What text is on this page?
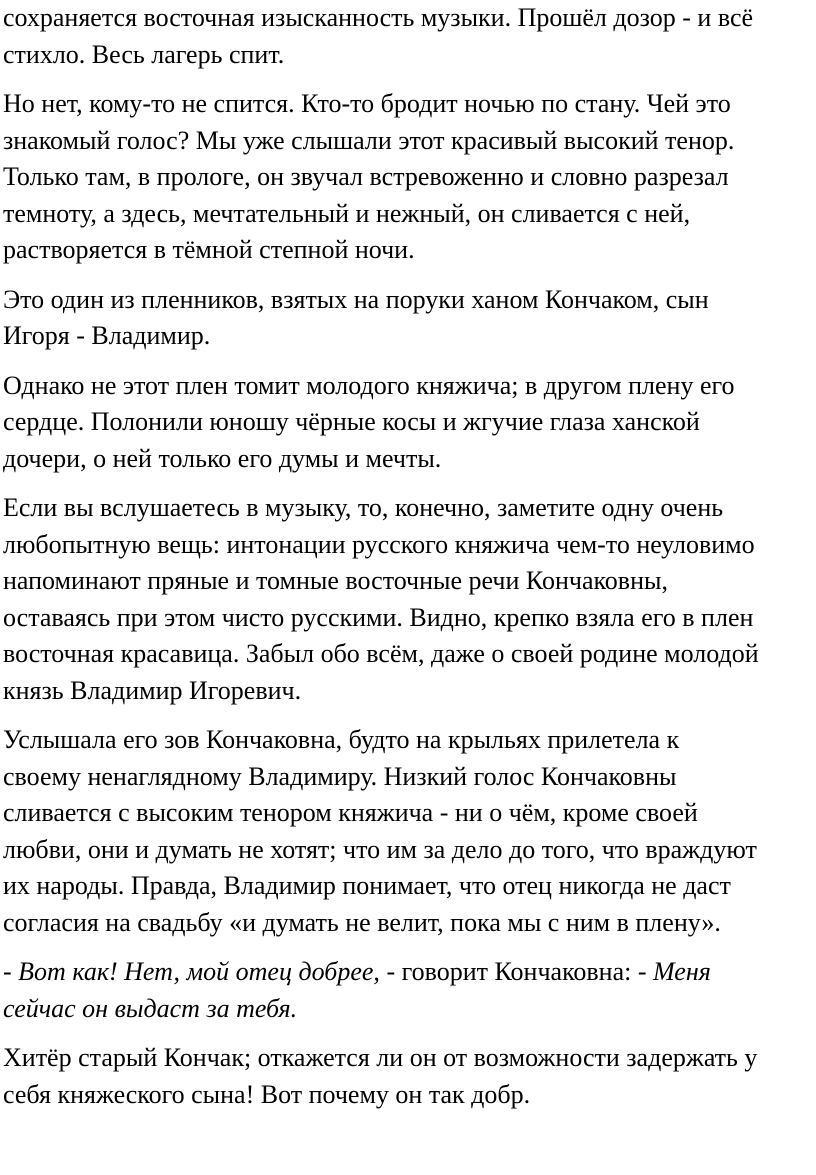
сохраняется восточная изысканность музыки. Прошёл дозор - и всё
стихло. Весь лагерь спит.

Но нет, кому-то не спится. Кто-то бродит ночью по стану. Чей это
знакомый голос? Мы уже слышали этот красивый высокий тенор.
Только там, в прологе, он звучал встревоженно и словно разрезал
темноту, а здесь, мечтательный и нежный, он сливается с ней,
растворяется в тёмной степной ночи.

Это один из пленников, взятых на поруки ханом Кончаком, сын
Игоря - Владимир.

Однако не этот плен томит молодого княжича; в другом плену его
сердце. Полонили юношу чёрные косы и жгучие глаза ханской
дочери, о ней только его думы и мечты.

Если вы вслушаетесь в музыку, то, конечно, заметите одну очень
любопытную вещь: интонации русского княжича чем-то неуловимо
напоминают пряные и томные восточные речи Кончаковны,
оставаясь при этом чисто русскими. Видно, крепко взяла его в плен
восточная красавица. Забыл обо всём, даже о своей родине молодой
князь Владимир Игоревич.

Услышала его зов Кончаковна, будто на крыльях прилетела к
своему ненаглядному Владимиру. Низкий голос Кончаковны
сливается с высоким тенором княжича - ни о чём, кроме своей
любви, они и думать не хотят; что им за дело до того, что враждуют
их народы. Правда, Владимир понимает, что отец никогда не даст
согласия на свадьбу «и думать не велит, пока мы с ним в плену».

- Вот как! Нет, мой отец добрее, - говорит Кончаковна: - Меня
сейчас он выдаст за тебя.

Хитёр старый Кончак; откажется ли он от возможности задержать у
себя княжеского сына! Вот почему он так добр.
